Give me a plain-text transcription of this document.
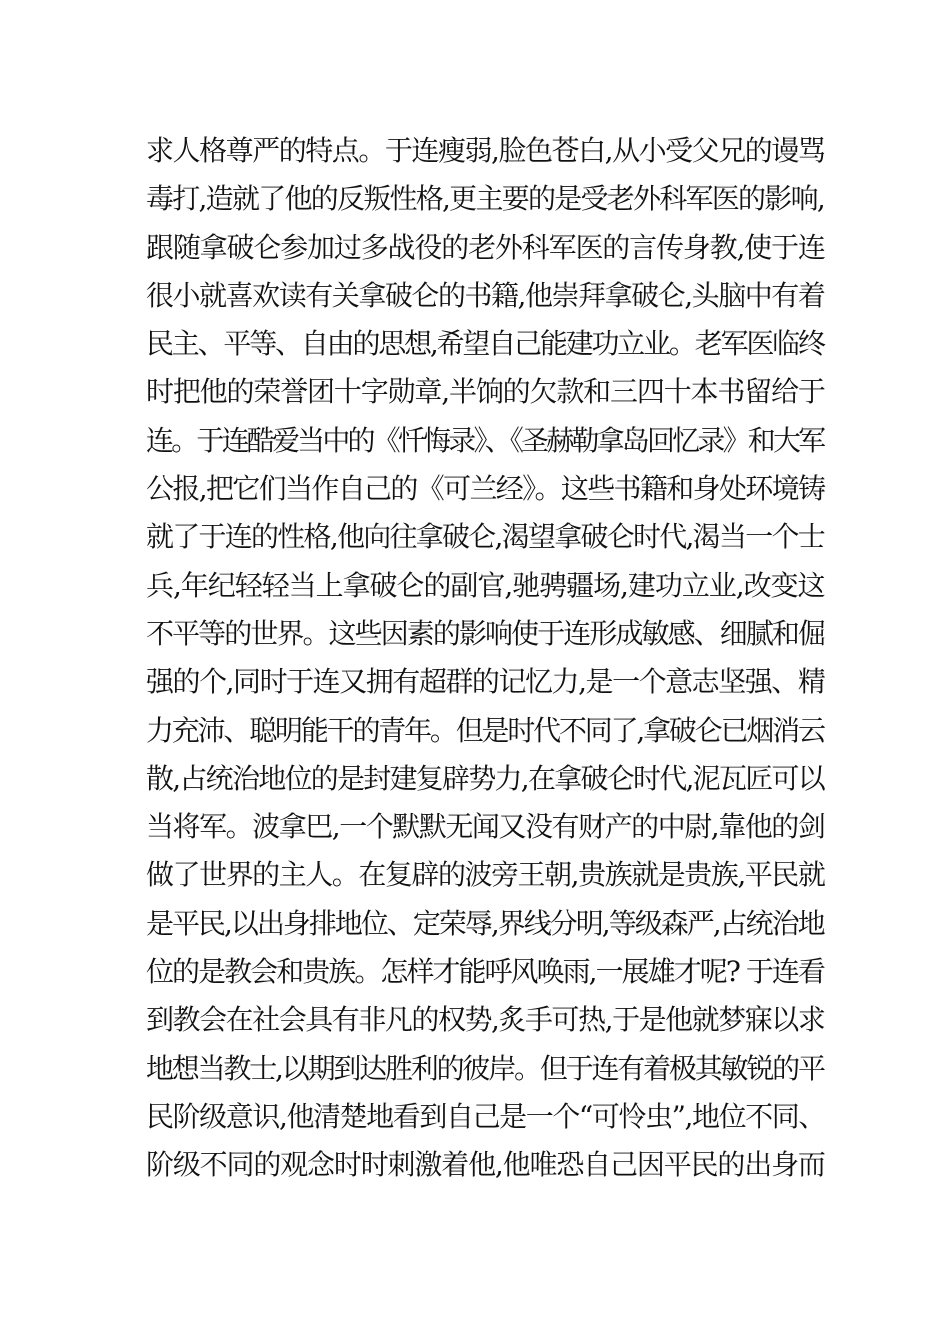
求人格尊严的特点。于连瘦弱,脸色苍白,从小受父兄的谩骂
毒打,造就了他的反叛性格,更主要的是受老外科军医的影响,
跟随拿破仑参加过多战役的老外科军医的言传身教,使于连
很小就喜欢读有关拿破仑的书籍,他崇拜拿破仑,头脑中有着
民主、平等、自由的思想,希望自己能建功立业。老军医临终
时把他的荣誉团十字勋章,半饷的欠款和三四十本书留给于
连。于连酷爱当中的《忏悔录》、《圣赫勒拿岛回忆录》和大军
公报,把它们当作自己的《可兰经》。这些书籍和身处环境铸
就了于连的性格,他向往拿破仑,渴望拿破仑时代,渴当一个士
兵,年纪轻轻当上拿破仑的副官,驰骋疆场,建功立业,改变这
不平等的世界。这些因素的影响使于连形成敏感、细腻和倔
强的个,同时于连又拥有超群的记忆力,是一个意志坚强、精
力充沛、聪明能干的青年。但是时代不同了,拿破仑已烟消云
散,占统治地位的是封建复辟势力,在拿破仑时代,泥瓦匠可以
当将军。波拿巴,一个默默无闻又没有财产的中尉,靠他的剑
做了世界的主人。在复辟的波旁王朝,贵族就是贵族,平民就
是平民,以出身排地位、定荣辱,界线分明,等级森严,占统治地
位的是教会和贵族。怎样才能呼风唤雨,一展雄才呢? 于连看
到教会在社会具有非凡的权势,炙手可热,于是他就梦寐以求
地想当教士,以期到达胜利的彼岸。但于连有着极其敏锐的平
民阶级意识,他清楚地看到自己是一个“可怜虫”,地位不同、
阶级不同的观念时时刺激着他,他唯恐自己因平民的出身而
